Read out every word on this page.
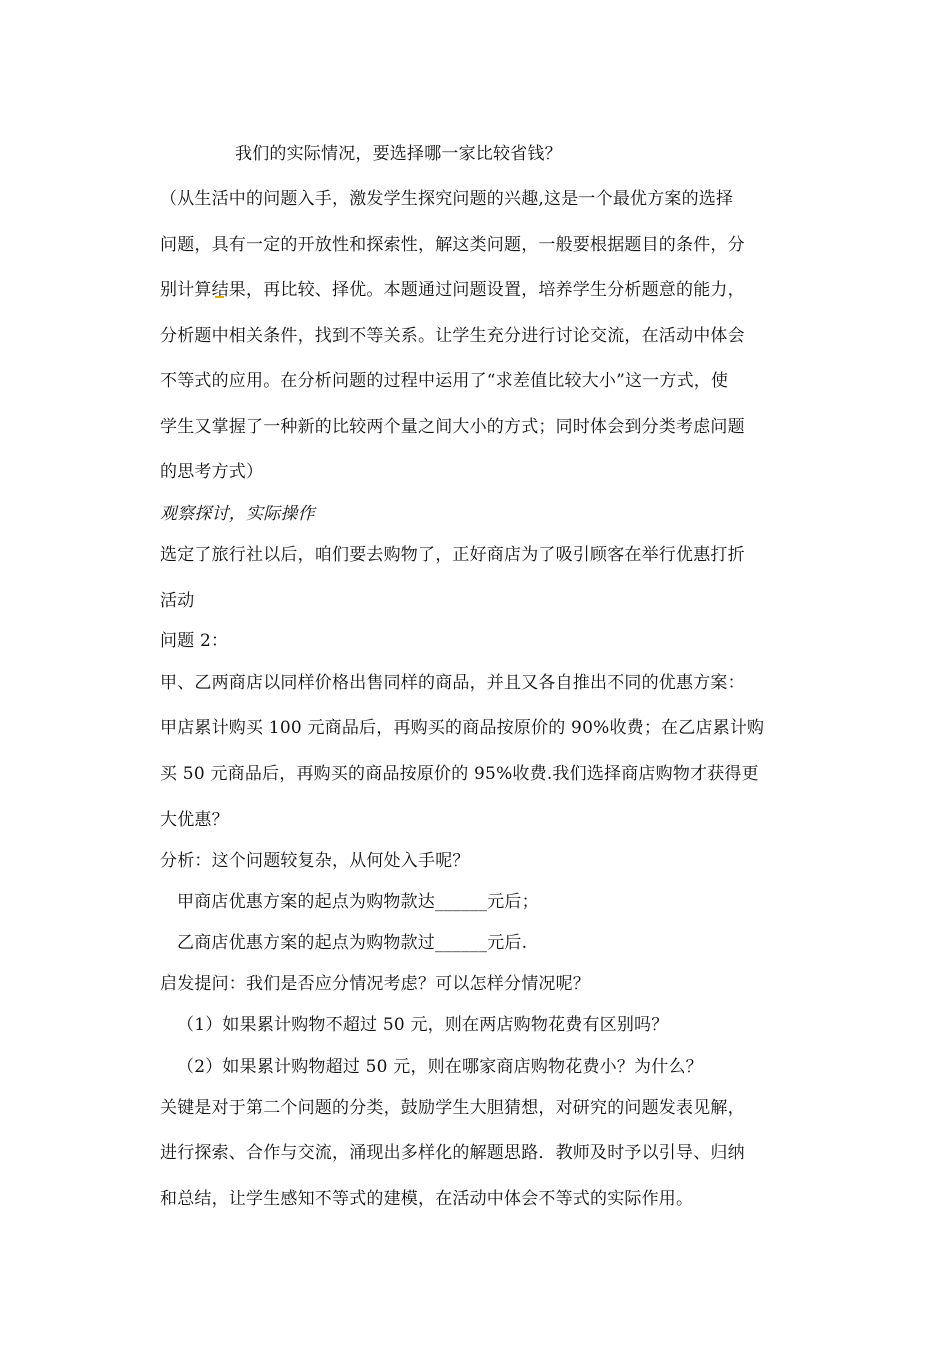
我们的实际情况，要选择哪一家比较省钱？
（从生活中的问题入手，激发学生探究问题的兴趣,这是一个最优方案的选择
问题，具有一定的开放性和探索性，解这类问题，一般要根据题目的条件，分
别计算结果，再比较、择优。本题通过问题设置，培养学生分析题意的能力，
分析题中相关条件，找到不等关系。让学生充分进行讨论交流，在活动中体会
不等式的应用。在分析问题的过程中运用了“求差值比较大小”这一方式，使
学生又掌握了一种新的比较两个量之间大小的方式；同时体会到分类考虑问题
的思考方式）
观察探讨，实际操作
选定了旅行社以后，咱们要去购物了，正好商店为了吸引顾客在举行优惠打折
活动
问题 2：
甲、乙两商店以同样价格出售同样的商品，并且又各自推出不同的优惠方案：
甲店累计购买 100 元商品后，再购买的商品按原价的 90%收费；在乙店累计购
买 50 元商品后，再购买的商品按原价的 95%收费.我们选择商店购物才获得更
大优惠？
分析：这个问题较复杂，从何处入手呢？
甲商店优惠方案的起点为购物款达______元后；
乙商店优惠方案的起点为购物款过______元后.
启发提问：我们是否应分情况考虑？可以怎样分情况呢？
（1）如果累计购物不超过 50 元，则在两店购物花费有区别吗？
（2）如果累计购物超过 50 元，则在哪家商店购物花费小？为什么？
关键是对于第二个问题的分类，鼓励学生大胆猜想，对研究的问题发表见解，
进行探索、合作与交流，涌现出多样化的解题思路．教师及时予以引导、归纳
和总结，让学生感知不等式的建模，在活动中体会不等式的实际作用。
